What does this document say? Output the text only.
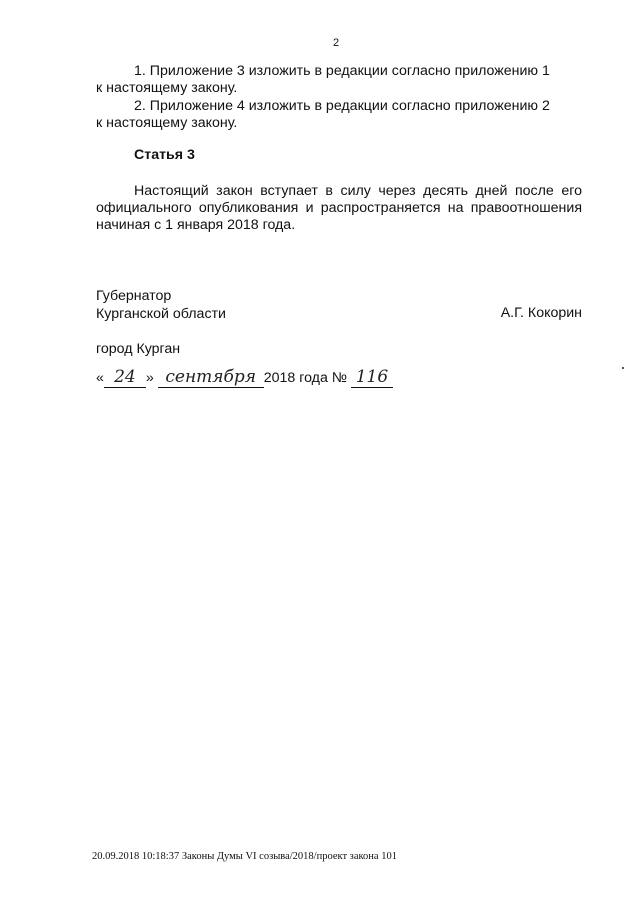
2
1. Приложение 3 изложить в редакции согласно приложению 1
к настоящему закону.
2. Приложение 4 изложить в редакции согласно приложению 2
к настоящему закону.
Статья 3
Настоящий закон вступает в силу через десять дней после его официального опубликования и распространяется на правоотношения начиная с 1 января 2018 года.
Губернатор
Курганской области	А.Г. Кокорин
город Курган
« 24 » сентября 2018 года № 116
20.09.2018 10:18:37 Законы Думы VI созыва/2018/проект закона 101
